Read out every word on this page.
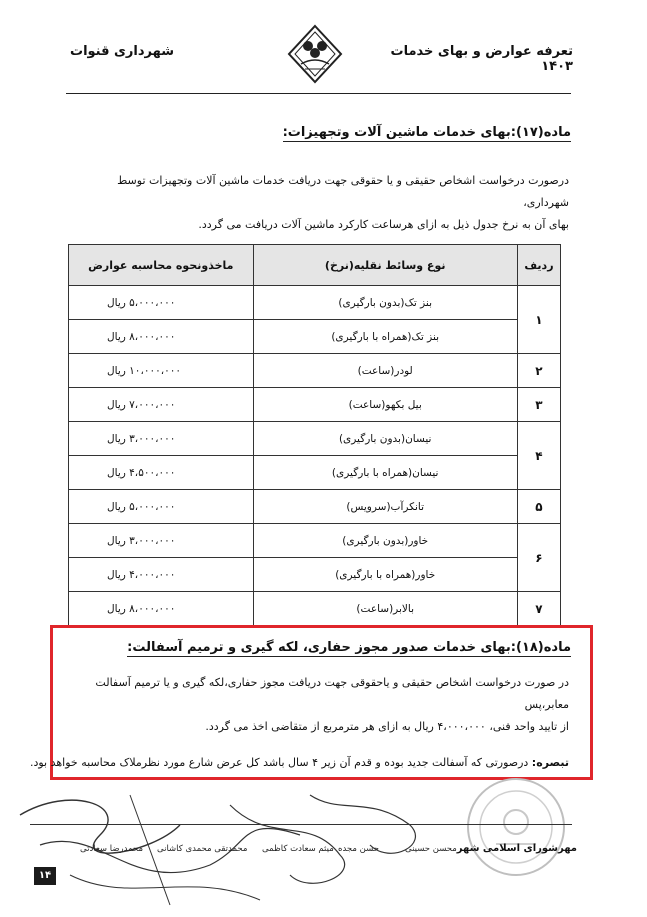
تعرفه عوارض و بهای خدمات ۱۴۰۳
شهرداری قنوات
ماده(۱۷):بهای خدمات ماشین آلات وتجهیزات:
درصورت درخواست اشخاص حقیقی و یا حقوقی جهت دریافت خدمات ماشین آلات وتجهیزات توسط شهرداری،
بهای آن به نرخ جدول ذیل به ازای هرساعت کارکرد ماشین آلات دریافت می گردد.
ردیف	نوع وسائط نقلیه(نرخ)	ماخذونحوه محاسبه عوارض
۱	بنز تک(بدون بارگیری)	۵،۰۰۰،۰۰۰ ریال
	بنز تک(همراه با بارگیری)	۸،۰۰۰،۰۰۰ ریال
۲	لودر(ساعت)	۱۰،۰۰۰،۰۰۰ ریال
۳	بیل بکهو(ساعت)	۷،۰۰۰،۰۰۰ ریال
۴	نیسان(بدون بارگیری)	۳،۰۰۰،۰۰۰ ریال
	نیسان(همراه با بارگیری)	۴،۵۰۰،۰۰۰ ریال
۵	تانکرآب(سرویس)	۵،۰۰۰،۰۰۰ ریال
۶	خاور(بدون بارگیری)	۳،۰۰۰،۰۰۰ ریال
	خاور(همراه با بارگیری)	۴،۰۰۰،۰۰۰ ریال
۷	بالابر(ساعت)	۸،۰۰۰،۰۰۰ ریال
ماده(۱۸):بهای خدمات صدور مجوز حفاری، لکه گیری و ترمیم آسفالت:
در صورت درخواست اشخاص حقیقی و یاحقوقی جهت دریافت مجوز حفاری،لکه گیری و یا ترمیم آسفالت معابر،پس
از تایید واحد فنی، ۴،۰۰۰،۰۰۰ ریال به ازای هر مترمربع از متقاضی اخذ می گردد.
تبصره: درصورتی که آسفالت جدید بوده و قدم آن زیر ۴ سال باشد کل عرض شارع مورد نظرملاک محاسبه خواهد بود.
مهرشورای اسلامی شهر
محسن حسینی
حسن مجده
میثم سعادت کاظمی
محمدتقی محمدی کاشانی
محمدرضا سعادتی
۱۴
